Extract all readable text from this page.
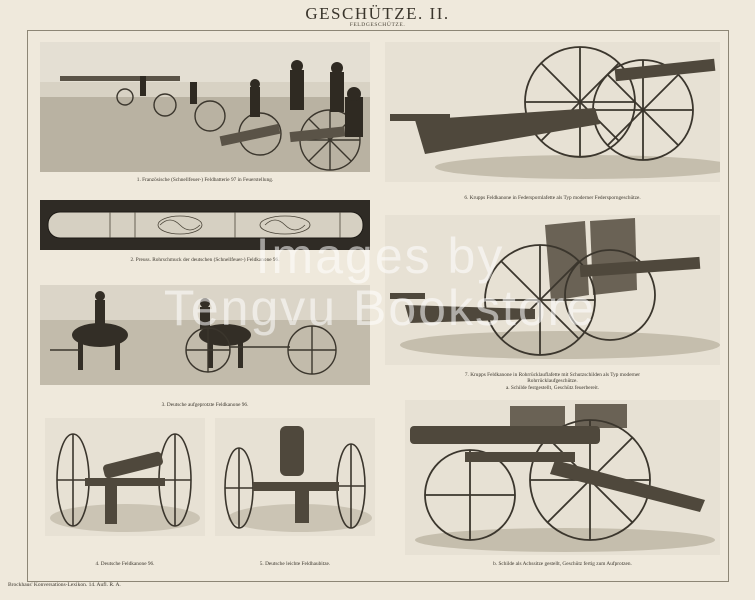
GESCHÜTZE. II.
FELDGESCHÜTZE.
1. Französische (Schnellfeuer-) Feldbatterie 97 in Feuerstellung.
2. Preuss. Rohrschmuck der deutschen (Schnellfeuer-) Feldkanone 96.
3. Deutsche aufgeprotzte Feldkanone 96.
4. Deutsche Feldkanone 96.	5. Deutsche leichte Feldhaubitze.
6. Krupps Feldkanone in Federspornlafette als Typ moderner Federsporngeschütze.
7. Krupps Feldkanone in Rohrrücklauflafette mit Schutzschilden als Typ moderner
Rohrrücklaufgeschütze.
a. Schilde festgestellt, Geschütz feuerbereit.
b. Schilde als Achssitze gestellt, Geschütz fertig zum Aufprotzen.
Brockhaus' Konversations-Lexikon. 14. Aufl. R. A.
Images by
Tengvu Bookstore
